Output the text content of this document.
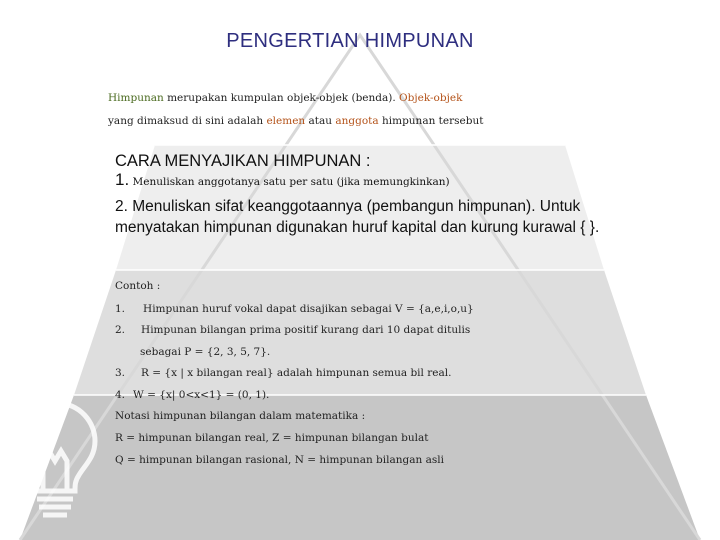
PENGERTIAN HIMPUNAN
Himpunan merupakan kumpulan objek-objek (benda). Objek-objek
yang dimaksud di sini adalah elemen atau anggota himpunan tersebut
CARA MENYAJIKAN HIMPUNAN :
1. Menuliskan anggotanya satu per satu (jika memungkinkan)
2. Menuliskan sifat keanggotaannya (pembangun himpunan). Untuk menyatakan himpunan digunakan huruf kapital dan kurung kurawal { }.
Contoh :
1. Himpunan huruf vokal dapat disajikan sebagai V = {a,e,i,o,u}
2. Himpunan bilangan prima positif kurang dari 10 dapat ditulis
sebagai P = {2, 3, 5, 7}.
3. R = {x | x bilangan real} adalah himpunan semua bil real.
4. W = {x| 0<x<1} = (0, 1).
Notasi himpunan bilangan dalam matematika :
R = himpunan bilangan real, Z = himpunan bilangan bulat
Q = himpunan bilangan rasional, N = himpunan bilangan asli
